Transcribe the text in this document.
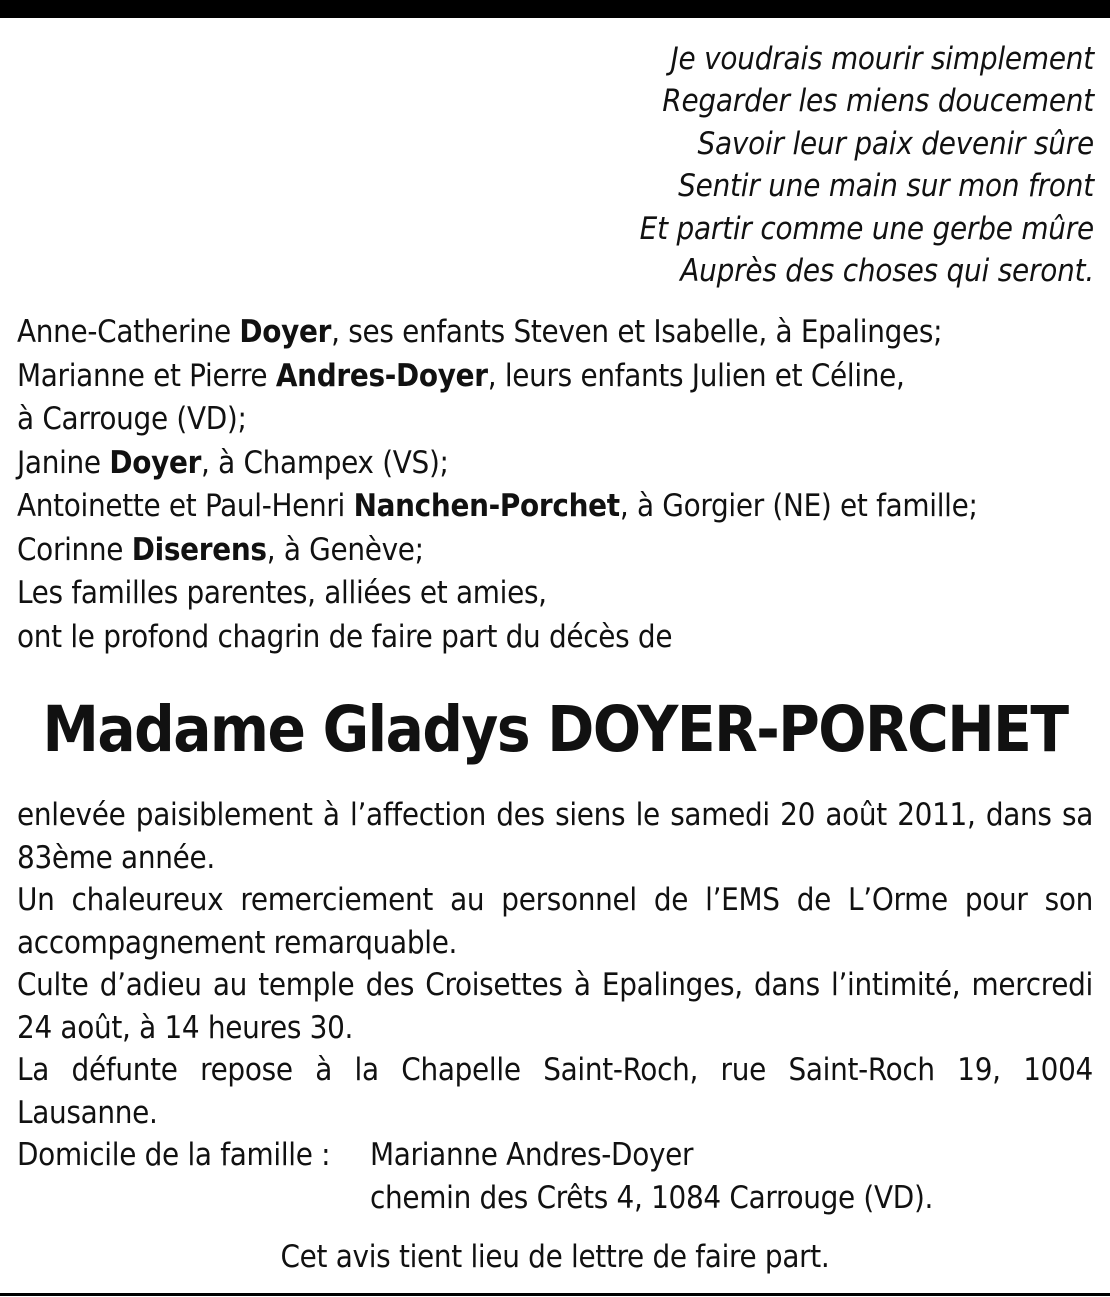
Je voudrais mourir simplement
Regarder les miens doucement
Savoir leur paix devenir sûre
Sentir une main sur mon front
Et partir comme une gerbe mûre
Auprès des choses qui seront.
Anne-Catherine Doyer, ses enfants Steven et Isabelle, à Epalinges;
Marianne et Pierre Andres-Doyer, leurs enfants Julien et Céline,
à Carrouge (VD);
Janine Doyer, à Champex (VS);
Antoinette et Paul-Henri Nanchen-Porchet, à Gorgier (NE) et famille;
Corinne Diserens, à Genève;
Les familles parentes, alliées et amies,
ont le profond chagrin de faire part du décès de
Madame Gladys DOYER-PORCHET
enlevée paisiblement à l’affection des siens le samedi 20 août 2011, dans sa 83ème année.
Un chaleureux remerciement au personnel de l’EMS de L’Orme pour son accompagnement remarquable.
Culte d’adieu au temple des Croisettes à Epalinges, dans l’intimité, mercredi 24 août, à 14 heures 30.
La défunte repose à la Chapelle Saint-Roch, rue Saint-Roch 19, 1004 Lausanne.
Domicile de la famille :	Marianne Andres-Doyer
chemin des Crêts 4, 1084 Carrouge (VD).
Cet avis tient lieu de lettre de faire part.
